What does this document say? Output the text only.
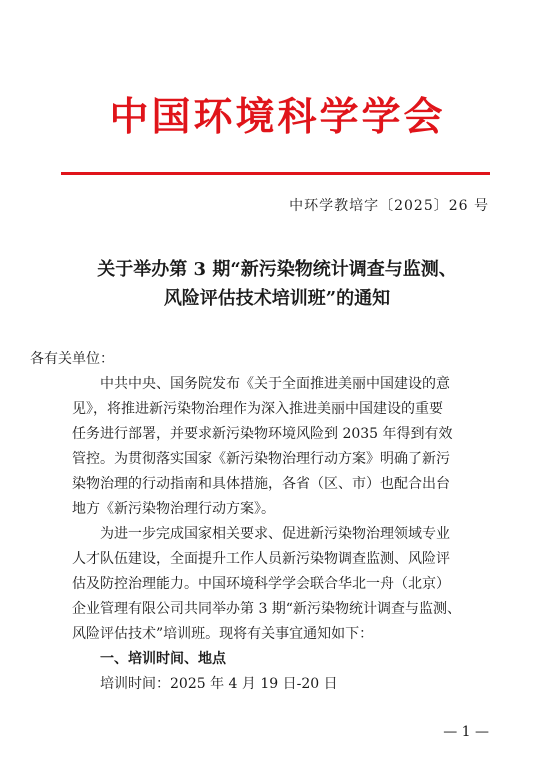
中国环境科学学会
中环学教培字〔2025〕26 号
关于举办第 3 期“新污染物统计调查与监测、
风险评估技术培训班”的通知
各有关单位：
中共中央、国务院发布《关于全面推进美丽中国建设的意
见》，将推进新污染物治理作为深入推进美丽中国建设的重要
任务进行部署，并要求新污染物环境风险到 2035 年得到有效
管控。为贯彻落实国家《新污染物治理行动方案》明确了新污
染物治理的行动指南和具体措施，各省（区、市）也配合出台
地方《新污染物治理行动方案》。
为进一步完成国家相关要求、促进新污染物治理领域专业
人才队伍建设，全面提升工作人员新污染物调查监测、风险评
估及防控治理能力。中国环境科学学会联合华北一舟（北京）
企业管理有限公司共同举办第 3 期“新污染物统计调查与监测、
风险评估技术”培训班。现将有关事宜通知如下：
一、培训时间、地点
培训时间：2025 年 4 月 19 日-20 日
— 1 —
